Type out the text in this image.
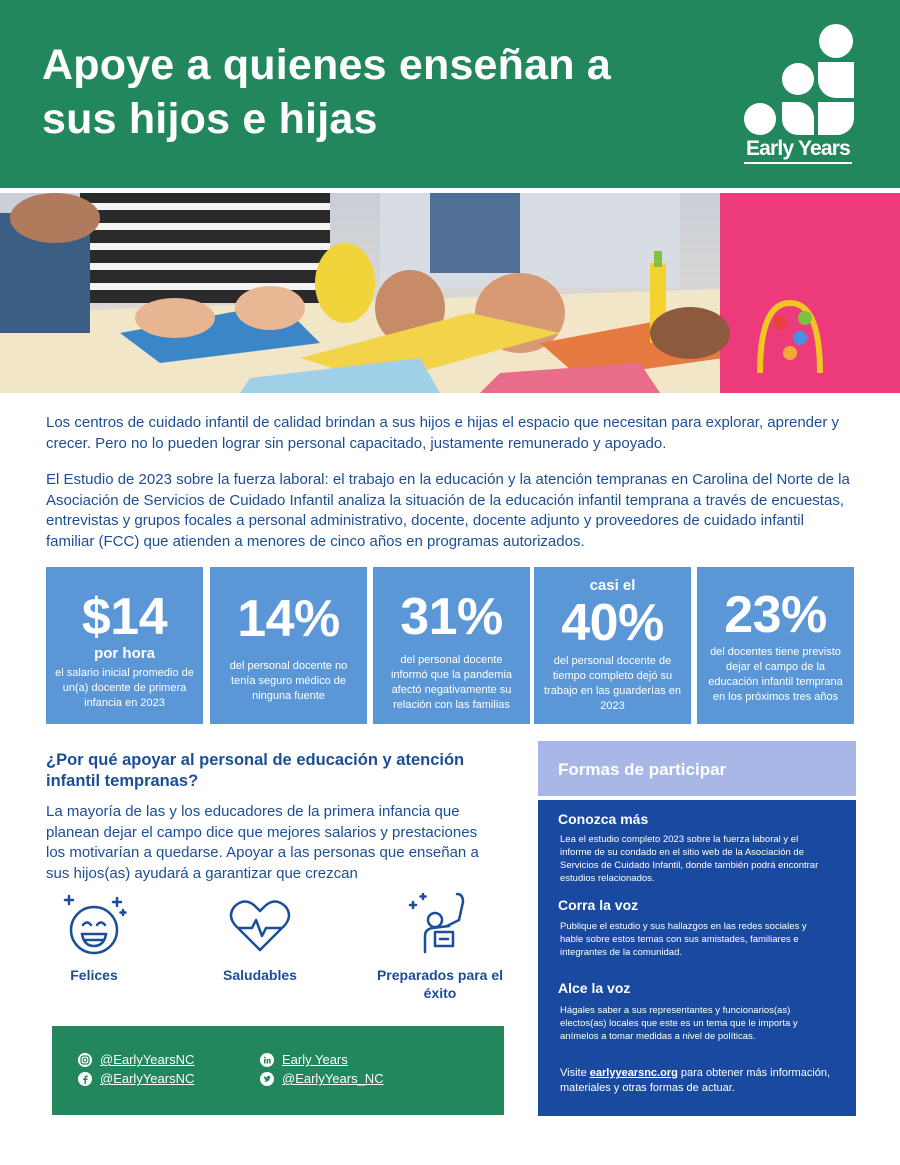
Apoye a quienes enseñan a sus hijos e hijas
Early Years

Los centros de cuidado infantil de calidad brindan a sus hijos e hijas el espacio que necesitan para explorar, aprender y crecer. Pero no lo pueden lograr sin personal capacitado, justamente remunerado y apoyado.

El Estudio de 2023 sobre la fuerza laboral: el trabajo en la educación y la atención tempranas en Carolina del Norte de la Asociación de Servicios de Cuidado Infantil analiza la situación de la educación infantil temprana a través de encuestas, entrevistas y grupos focales a personal administrativo, docente, docente adjunto y proveedores de cuidado infantil familiar (FCC) que atienden a menores de cinco años en programas autorizados.

$14
por hora
el salario inicial promedio de un(a) docente de primera infancia en 2023
14%
del personal docente no tenía seguro médico de ninguna fuente
31%
del personal docente informó que la pandemia afectó negativamente su relación con las familias
casi el
40%
del personal docente de tiempo completo dejó su trabajo en las guarderías en 2023
23%
del docentes tiene previsto dejar el campo de la educación infantil temprana en los próximos tres años
¿Por qué apoyar al personal de educación y atención infantil tempranas?

La mayoría de las y los educadores de la primera infancia que planean dejar el campo dice que mejores salarios y prestaciones los motivarían a quedarse. Apoyar a las personas que enseñan a sus hijos(as) ayudará a garantizar que crezcan

Felices	Saludables	Preparados para el éxito
@EarlyYearsNC
@EarlyYearsNC
Early Years
@EarlyYears_NC
Formas de participar
Conozca más
Lea el estudio completo 2023 sobre la fuerza laboral y el informe de su condado en el sitio web de la Asociación de Servicios de Cuidado Infantil, donde también podrá encontrar estudios relacionados.
Corra la voz
Publique el estudio y sus hallazgos en las redes sociales y hable sobre estos temas con sus amistades, familiares e integrantes de la comunidad.
Alce la voz
Hágales saber a sus representantes y funcionarios(as) electos(as) locales que este es un tema que le importa y anímelos a tomar medidas a nivel de políticas.
Visite earlyyearsnc.org para obtener más información, materiales y otras formas de actuar.
